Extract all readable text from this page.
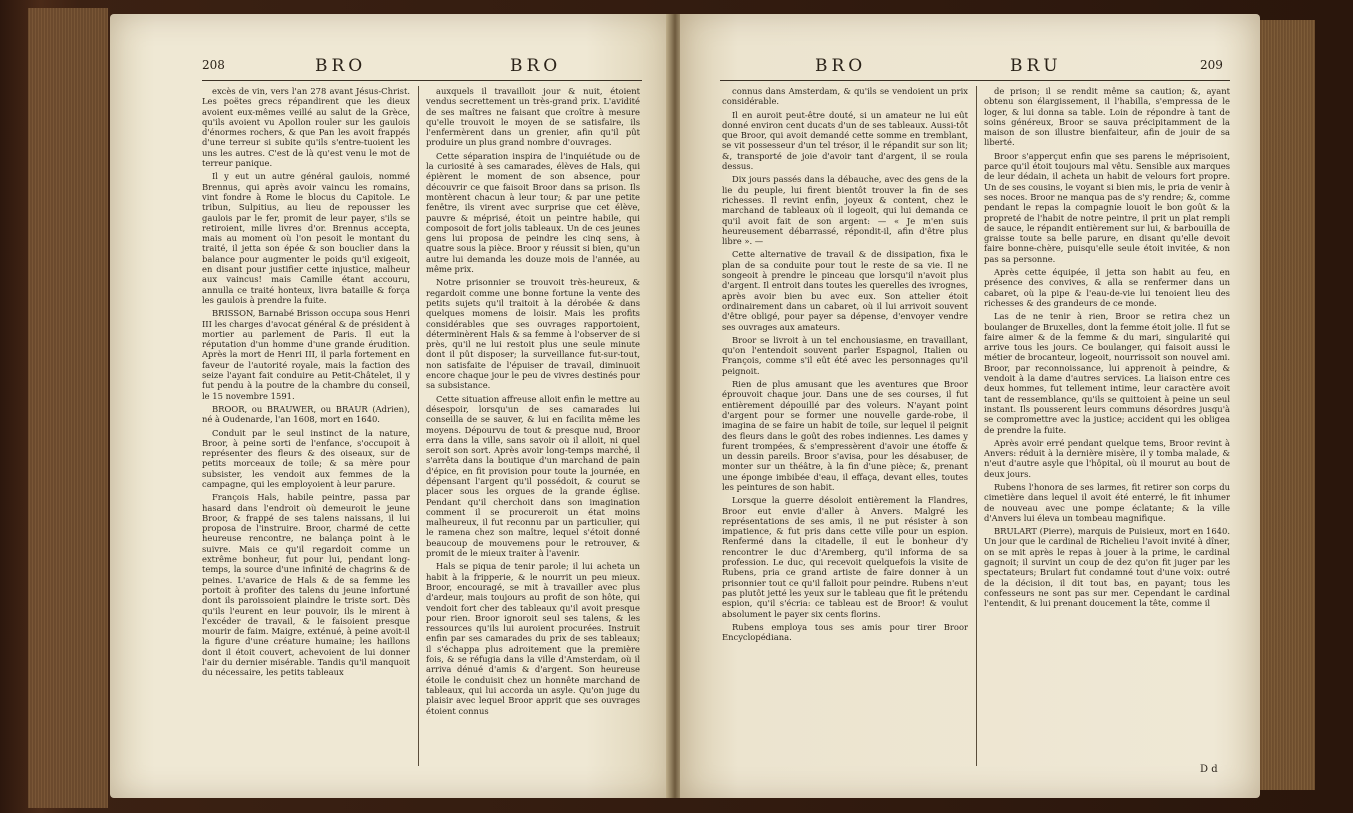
208	BRO	BRO

excès de vin, vers l'an 278 avant Jésus-Christ. Les poëtes grecs répandirent que les dieux avoient eux-mêmes veillé au salut de la Grèce, qu'ils avoient vu Apollon rouler sur les gaulois d'énormes rochers, & que Pan les avoit frappés d'une terreur si subite qu'ils s'entre-tuoient les uns les autres. C'est de là qu'est venu le mot de terreur panique.

Il y eut un autre général gaulois, nommé Brennus, qui après avoir vaincu les romains, vint fondre à Rome le blocus du Capitole. Le tribun, Sulpitius, au lieu de repousser les gaulois par le fer, promit de leur payer, s'ils se retiroient, mille livres d'or. Brennus accepta, mais au moment où l'on pesoit le montant du traité, il jetta son épée & son bouclier dans la balance pour augmenter le poids qu'il exigeoit, en disant pour justifier cette injustice, malheur aux vaincus! mais Camille étant accouru, annulla ce traité honteux, livra bataille & força les gaulois à prendre la fuite.

BRISSON, Barnabé Brisson occupa sous Henri III les charges d'avocat général & de président à mortier au parlement de Paris. Il eut la réputation d'un homme d'une grande érudition. Après la mort de Henri III, il parla fortement en faveur de l'autorité royale, mais la faction des seize l'ayant fait conduire au Petit-Châtelet, il y fut pendu à la poutre de la chambre du conseil, le 15 novembre 1591.

BROOR, ou BRAUWER, ou BRAUR (Adrien), né à Oudenarde, l'an 1608, mort en 1640.

Conduit par le seul instinct de la nature, Broor, à peine sorti de l'enfance, s'occupoit à représenter des fleurs & des oiseaux, sur de petits morceaux de toile; & sa mère pour subsister, les vendoit aux femmes de la campagne, qui les employoient à leur parure.

François Hals, habile peintre, passa par hasard dans l'endroit où demeuroit le jeune Broor, & frappé de ses talens naissans, il lui proposa de l'instruire. Broor, charmé de cette heureuse rencontre, ne balança point à le suivre. Mais ce qu'il regardoit comme un extrême bonheur, fut pour lui, pendant long-temps, la source d'une infinité de chagrins & de peines. L'avarice de Hals & de sa femme les portoit à profiter des talens du jeune infortuné dont ils paroissoient plaindre le triste sort. Dès qu'ils l'eurent en leur pouvoir, ils le mirent à l'excéder de travail, & le faisoient presque mourir de faim. Maigre, exténué, à peine avoit-il la figure d'une créature humaine; les haillons dont il étoit couvert, achevoient de lui donner l'air du dernier misérable. Tandis qu'il manquoit du nécessaire, les petits tableaux

auxquels il travailloit jour & nuit, étoient vendus secrettement un très-grand prix. L'avidité de ses maîtres ne faisant que croître à mesure qu'elle trouvoit le moyen de se satisfaire, ils l'enfermèrent dans un grenier, afin qu'il pût produire un plus grand nombre d'ouvrages.

Cette séparation inspira de l'inquiétude ou de la curiosité à ses camarades, élèves de Hals, qui épièrent le moment de son absence, pour découvrir ce que faisoit Broor dans sa prison. Ils montèrent chacun à leur tour; & par une petite fenêtre, ils virent avec surprise que cet élève, pauvre & méprisé, étoit un peintre habile, qui composoit de fort jolis tableaux. Un de ces jeunes gens lui proposa de peindre les cinq sens, à quatre sous la pièce. Broor y réussit si bien, qu'un autre lui demanda les douze mois de l'année, au même prix.

Notre prisonnier se trouvoit très-heureux, & regardoit comme une bonne fortune la vente des petits sujets qu'il traitoit à la dérobée & dans quelques momens de loisir. Mais les profits considérables que ses ouvrages rapportoient, déterminèrent Hals & sa femme à l'observer de si près, qu'il ne lui restoit plus une seule minute dont il pût disposer; la surveillance fut-sur-tout, non satisfaite de l'épuiser de travail, diminuoit encore chaque jour le peu de vivres destinés pour sa subsistance.

Cette situation affreuse alloit enfin le mettre au désespoir, lorsqu'un de ses camarades lui conseilla de se sauver, & lui en facilita même les moyens. Dépourvu de tout & presque nud, Broor erra dans la ville, sans savoir où il alloit, ni quel seroit son sort. Après avoir long-temps marché, il s'arrêta dans la boutique d'un marchand de pain d'épice, en fit provision pour toute la journée, en dépensant l'argent qu'il possédoit, & courut se placer sous les orgues de la grande église. Pendant qu'il cherchoit dans son imagination comment il se procureroit un état moins malheureux, il fut reconnu par un particulier, qui le ramena chez son maître, lequel s'étoit donné beaucoup de mouvemens pour le retrouver, & promit de le mieux traiter à l'avenir.

Hals se piqua de tenir parole; il lui acheta un habit à la fripperie, & le nourrit un peu mieux. Broor, encouragé, se mit à travailler avec plus d'ardeur, mais toujours au profit de son hôte, qui vendoit fort cher des tableaux qu'il avoit presque pour rien. Broor ignoroit seul ses talens, & les ressources qu'ils lui auroient procurées. Instruit enfin par ses camarades du prix de ses tableaux; il s'échappa plus adroitement que la première fois, & se réfugia dans la ville d'Amsterdam, où il arriva dénué d'amis & d'argent. Son heureuse étoile le conduisit chez un honnête marchand de tableaux, qui lui accorda un asyle. Qu'on juge du plaisir avec lequel Broor apprit que ses ouvrages étoient connus

BRO	BRU	209

connus dans Amsterdam, & qu'ils se vendoient un prix considérable.

Il en auroit peut-être douté, si un amateur ne lui eût donné environ cent ducats d'un de ses tableaux. Aussi-tôt que Broor, qui avoit demandé cette somme en tremblant, se vit possesseur d'un tel trésor, il le répandit sur son lit; &, transporté de joie d'avoir tant d'argent, il se roula dessus.

Dix jours passés dans la débauche, avec des gens de la lie du peuple, lui firent bientôt trouver la fin de ses richesses. Il revint enfin, joyeux & content, chez le marchand de tableaux où il logeoit, qui lui demanda ce qu'il avoit fait de son argent: — « Je m'en suis heureusement débarrassé, répondit-il, afin d'être plus libre ». —

Cette alternative de travail & de dissipation, fixa le plan de sa conduite pour tout le reste de sa vie. Il ne songeoit à prendre le pinceau que lorsqu'il n'avoit plus d'argent. Il entroit dans toutes les querelles des ivrognes, après avoir bien bu avec eux. Son attelier étoit ordinairement dans un cabaret, où il lui arrivoit souvent d'être obligé, pour payer sa dépense, d'envoyer vendre ses ouvrages aux amateurs.

Broor se livroit à un tel enchousiasme, en travaillant, qu'on l'entendoit souvent parler Espagnol, Italien ou François, comme s'il eût été avec les personnages qu'il peignoit.

Rien de plus amusant que les aventures que Broor éprouvoit chaque jour. Dans une de ses courses, il fut entièrement dépouillé par des voleurs. N'ayant point d'argent pour se former une nouvelle garde-robe, il imagina de se faire un habit de toile, sur lequel il peignit des fleurs dans le goût des robes indiennes. Les dames y furent trompées, & s'empressèrent d'avoir une étoffe & un dessin pareils. Broor s'avisa, pour les désabuser, de monter sur un théâtre, à la fin d'une pièce; &, prenant une éponge imbibée d'eau, il effaça, devant elles, toutes les peintures de son habit.

Lorsque la guerre désoloit entièrement la Flandres, Broor eut envie d'aller à Anvers. Malgré les représentations de ses amis, il ne put résister à son impatience, & fut pris dans cette ville pour un espion. Renfermé dans la citadelle, il eut le bonheur d'y rencontrer le duc d'Aremberg, qu'il informa de sa profession. Le duc, qui recevoit quelquefois la visite de Rubens, pria ce grand artiste de faire donner à un prisonnier tout ce qu'il falloit pour peindre. Rubens n'eut pas plutôt jetté les yeux sur le tableau que fit le prétendu espion, qu'il s'écria: ce tableau est de Broor! & voulut absolument le payer six cents florins.

Rubens employa tous ses amis pour tirer Broor Encyclopédiana.

de prison; il se rendit même sa caution; &, ayant obtenu son élargissement, il l'habilla, s'empressa de le loger, & lui donna sa table. Loin de répondre à tant de soins généreux, Broor se sauva précipitamment de la maison de son illustre bienfaiteur, afin de jouir de sa liberté.

Broor s'apperçut enfin que ses parens le méprisoient, parce qu'il étoit toujours mal vêtu. Sensible aux marques de leur dédain, il acheta un habit de velours fort propre. Un de ses cousins, le voyant si bien mis, le pria de venir à ses noces. Broor ne manqua pas de s'y rendre; &, comme pendant le repas la compagnie louoit le bon goût & la propreté de l'habit de notre peintre, il prit un plat rempli de sauce, le répandit entièrement sur lui, & barbouilla de graisse toute sa belle parure, en disant qu'elle devoit faire bonne-chère, puisqu'elle seule étoit invitée, & non pas sa personne.

Après cette équipée, il jetta son habit au feu, en présence des convives, & alla se renfermer dans un cabaret, où la pipe & l'eau-de-vie lui tenoient lieu des richesses & des grandeurs de ce monde.

Las de ne tenir à rien, Broor se retira chez un boulanger de Bruxelles, dont la femme étoit jolie. Il fut se faire aimer & de la femme & du mari, singularité qui arrive tous les jours. Ce boulanger, qui faisoit aussi le métier de brocanteur, logeoit, nourrissoit son nouvel ami. Broor, par reconnoissance, lui apprenoit à peindre, & vendoit à la dame d'autres services. La liaison entre ces deux hommes, fut tellement intime, leur caractère avoit tant de ressemblance, qu'ils se quittoient à peine un seul instant. Ils pousserent leurs communs désordres jusqu'à se compromettre avec la justice; accident qui les obligea de prendre la fuite.

Après avoir erré pendant quelque tems, Broor revint à Anvers: réduit à la dernière misère, il y tomba malade, & n'eut d'autre asyle que l'hôpital, où il mourut au bout de deux jours.

Rubens l'honora de ses larmes, fit retirer son corps du cimetière dans lequel il avoit été enterré, le fit inhumer de nouveau avec une pompe éclatante; & la ville d'Anvers lui éleva un tombeau magnifique.

BRULART (Pierre), marquis de Puisieux, mort en 1640. Un jour que le cardinal de Richelieu l'avoit invité à dîner, on se mit après le repas à jouer à la prime, le cardinal gagnoit; il survint un coup de dez qu'on fit juger par les spectateurs; Brulart fut condamné tout d'une voix: outré de la décision, il dit tout bas, en payant; tous les confesseurs ne sont pas sur mer. Cependant le cardinal l'entendit, & lui prenant doucement la tête, comme il

D d
